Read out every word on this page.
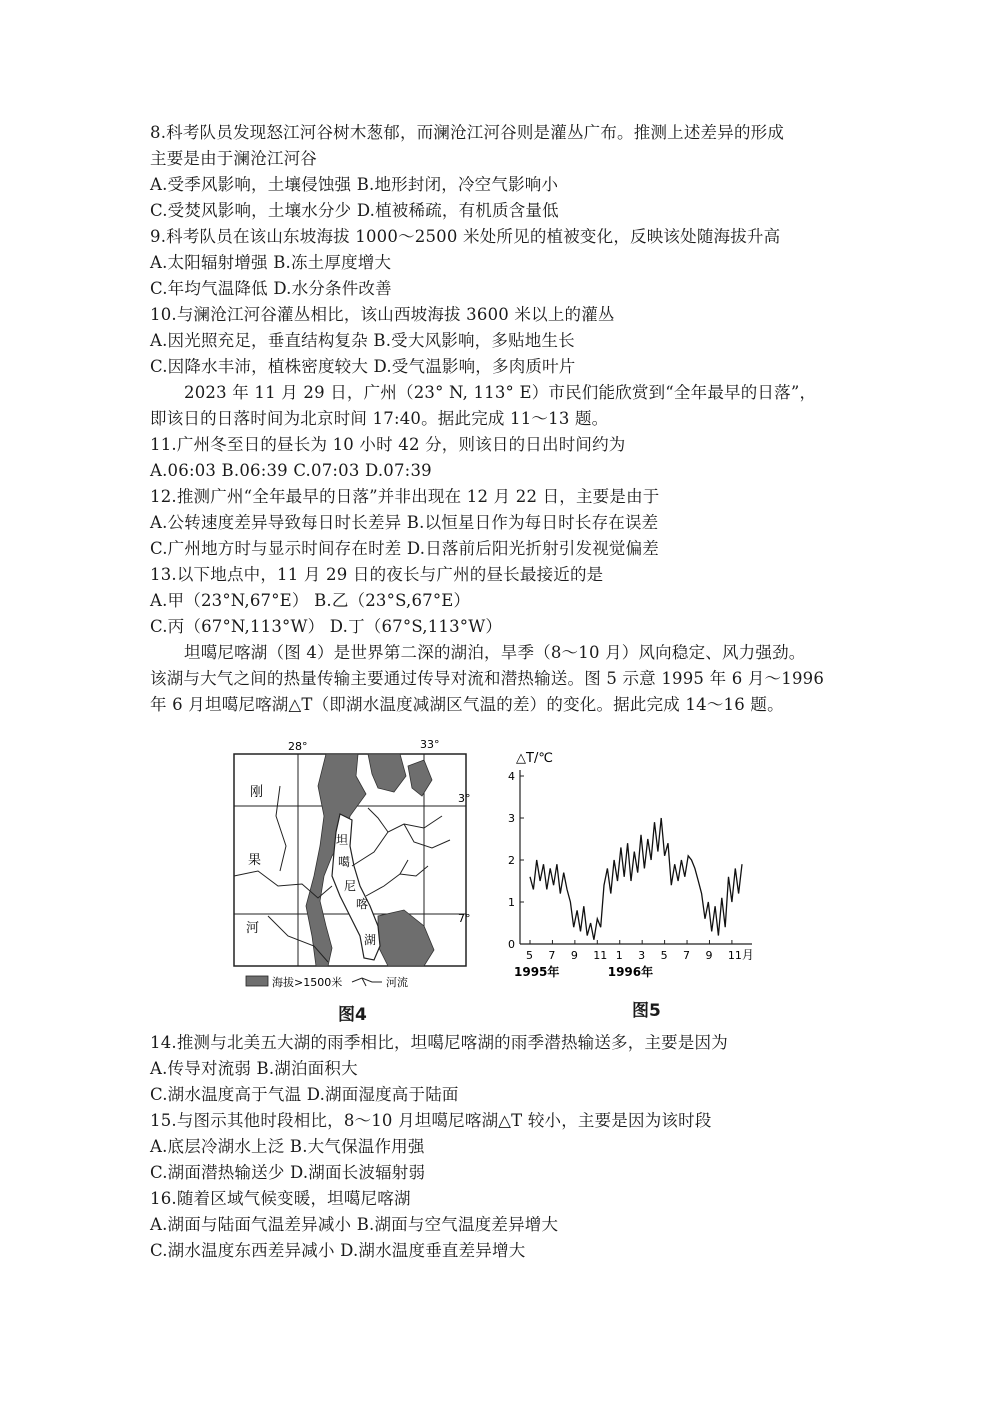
8.科考队员发现怒江河谷树木葱郁，而澜沧江河谷则是灌丛广布。推测上述差异的形成
主要是由于澜沧江河谷
A.受季风影响，土壤侵蚀强 B.地形封闭，冷空气影响小
C.受焚风影响，土壤水分少 D.植被稀疏，有机质含量低
9.科考队员在该山东坡海拔 1000～2500 米处所见的植被变化，反映该处随海拔升高
A.太阳辐射增强 B.冻土厚度增大
C.年均气温降低 D.水分条件改善
10.与澜沧江河谷灌丛相比，该山西坡海拔 3600 米以上的灌丛
A.因光照充足，垂直结构复杂 B.受大风影响，多贴地生长
C.因降水丰沛，植株密度较大 D.受气温影响，多肉质叶片
2023 年 11 月 29 日，广州（23° N, 113° E）市民们能欣赏到“全年最早的日落”，
即该日的日落时间为北京时间 17:40。据此完成 11～13 题。
11.广州冬至日的昼长为 10 小时 42 分，则该日的日出时间约为
A.06:03 B.06:39 C.07:03 D.07:39
12.推测广州“全年最早的日落”并非出现在 12 月 22 日，主要是由于
A.公转速度差异导致每日时长差异 B.以恒星日作为每日时长存在误差
C.广州地方时与显示时间存在时差 D.日落前后阳光折射引发视觉偏差
13.以下地点中，11 月 29 日的夜长与广州的昼长最接近的是
A.甲（23°N,67°E） B.乙（23°S,67°E）
C.丙（67°N,113°W） D.丁（67°S,113°W）
坦噶尼喀湖（图 4）是世界第二深的湖泊，旱季（8～10 月）风向稳定、风力强劲。
该湖与大气之间的热量传输主要通过传导对流和潜热输送。图 5 示意 1995 年 6 月～1996
年 6 月坦噶尼喀湖△T（即湖水温度减湖区气温的差）的变化。据此完成 14～16 题。
28°	33°
3°
7°
刚
果
河
坦
噶
尼
喀
湖
海拔>1500米	河流
图4
△T/℃
0
1
2
3
4
5 7 9 11 1 3 5 7 9 11 月
1995年	1996年
图5
14.推测与北美五大湖的雨季相比，坦噶尼喀湖的雨季潜热输送多，主要是因为
A.传导对流弱 B.湖泊面积大
C.湖水温度高于气温 D.湖面湿度高于陆面
15.与图示其他时段相比，8～10 月坦噶尼喀湖△T 较小，主要是因为该时段
A.底层冷湖水上泛 B.大气保温作用强
C.湖面潜热输送少 D.湖面长波辐射弱
16.随着区域气候变暖，坦噶尼喀湖
A.湖面与陆面气温差异减小 B.湖面与空气温度差异增大
C.湖水温度东西差异减小 D.湖水温度垂直差异增大
